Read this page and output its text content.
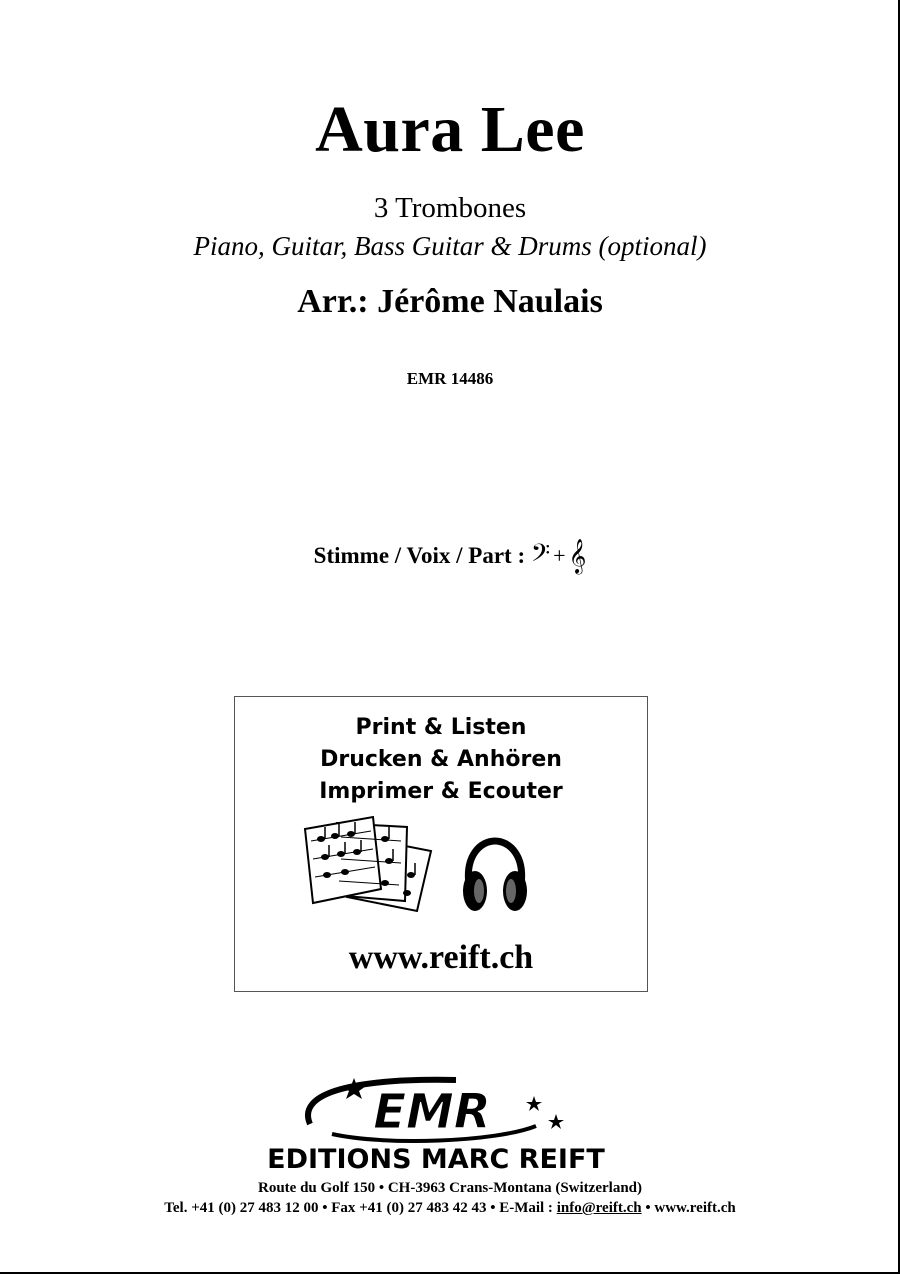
Aura Lee
3 Trombones
Piano, Guitar, Bass Guitar & Drums (optional)
Arr.: Jérôme Naulais
EMR 14486
Stimme / Voix / Part : 𝄢 + 𝄞
Print & Listen
Drucken & Anhören
Imprimer & Ecouter
www.reift.ch
EMR
EDITIONS MARC REIFT
Route du Golf 150 • CH-3963 Crans-Montana (Switzerland)
Tel. +41 (0) 27 483 12 00 • Fax +41 (0) 27 483 42 43 • E-Mail : info@reift.ch • www.reift.ch
